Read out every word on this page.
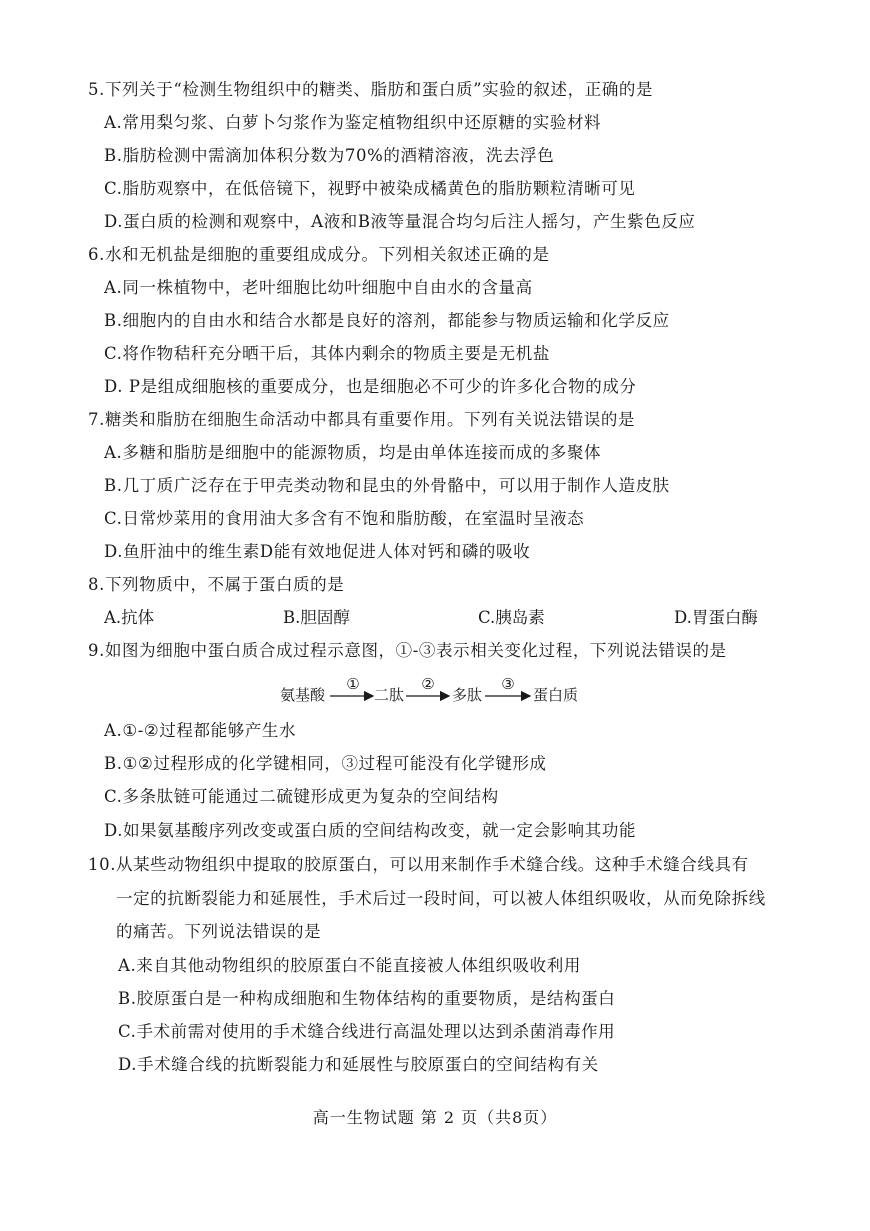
5.下列关于“检测生物组织中的糖类、脂肪和蛋白质”实验的叙述，正确的是
A.常用梨匀浆、白萝卜匀浆作为鉴定植物组织中还原糖的实验材料
B.脂肪检测中需滴加体积分数为70%的酒精溶液，洗去浮色
C.脂肪观察中，在低倍镜下，视野中被染成橘黄色的脂肪颗粒清晰可见
D.蛋白质的检测和观察中，A液和B液等量混合均匀后注人摇匀，产生紫色反应
6.水和无机盐是细胞的重要组成成分。下列相关叙述正确的是
A.同一株植物中，老叶细胞比幼叶细胞中自由水的含量高
B.细胞内的自由水和结合水都是良好的溶剂，都能参与物质运输和化学反应
C.将作物秸秆充分晒干后，其体内剩余的物质主要是无机盐
D. P是组成细胞核的重要成分，也是细胞必不可少的许多化合物的成分
7.糖类和脂肪在细胞生命活动中都具有重要作用。下列有关说法错误的是
A.多糖和脂肪是细胞中的能源物质，均是由单体连接而成的多聚体
B.几丁质广泛存在于甲壳类动物和昆虫的外骨骼中，可以用于制作人造皮肤
C.日常炒菜用的食用油大多含有不饱和脂肪酸，在室温时呈液态
D.鱼肝油中的维生素D能有效地促进人体对钙和磷的吸收
8.下列物质中，不属于蛋白质的是
A.抗体	B.胆固醇	C.胰岛素	D.胃蛋白酶
9.如图为细胞中蛋白质合成过程示意图，①-③表示相关变化过程，下列说法错误的是
氨基酸
①
二肽
②
多肽
③
蛋白质
A.①-②过程都能够产生水
B.①②过程形成的化学键相同，③过程可能没有化学键形成
C.多条肽链可能通过二硫键形成更为复杂的空间结构
D.如果氨基酸序列改变或蛋白质的空间结构改变，就一定会影响其功能
10.从某些动物组织中提取的胶原蛋白，可以用来制作手术缝合线。这种手术缝合线具有
一定的抗断裂能力和延展性，手术后过一段时间，可以被人体组织吸收，从而免除拆线
的痛苦。下列说法错误的是
A.来自其他动物组织的胶原蛋白不能直接被人体组织吸收利用
B.胶原蛋白是一种构成细胞和生物体结构的重要物质，是结构蛋白
C.手术前需对使用的手术缝合线进行高温处理以达到杀菌消毒作用
D.手术缝合线的抗断裂能力和延展性与胶原蛋白的空间结构有关
高一生物试题 第 2 页（共8页）
